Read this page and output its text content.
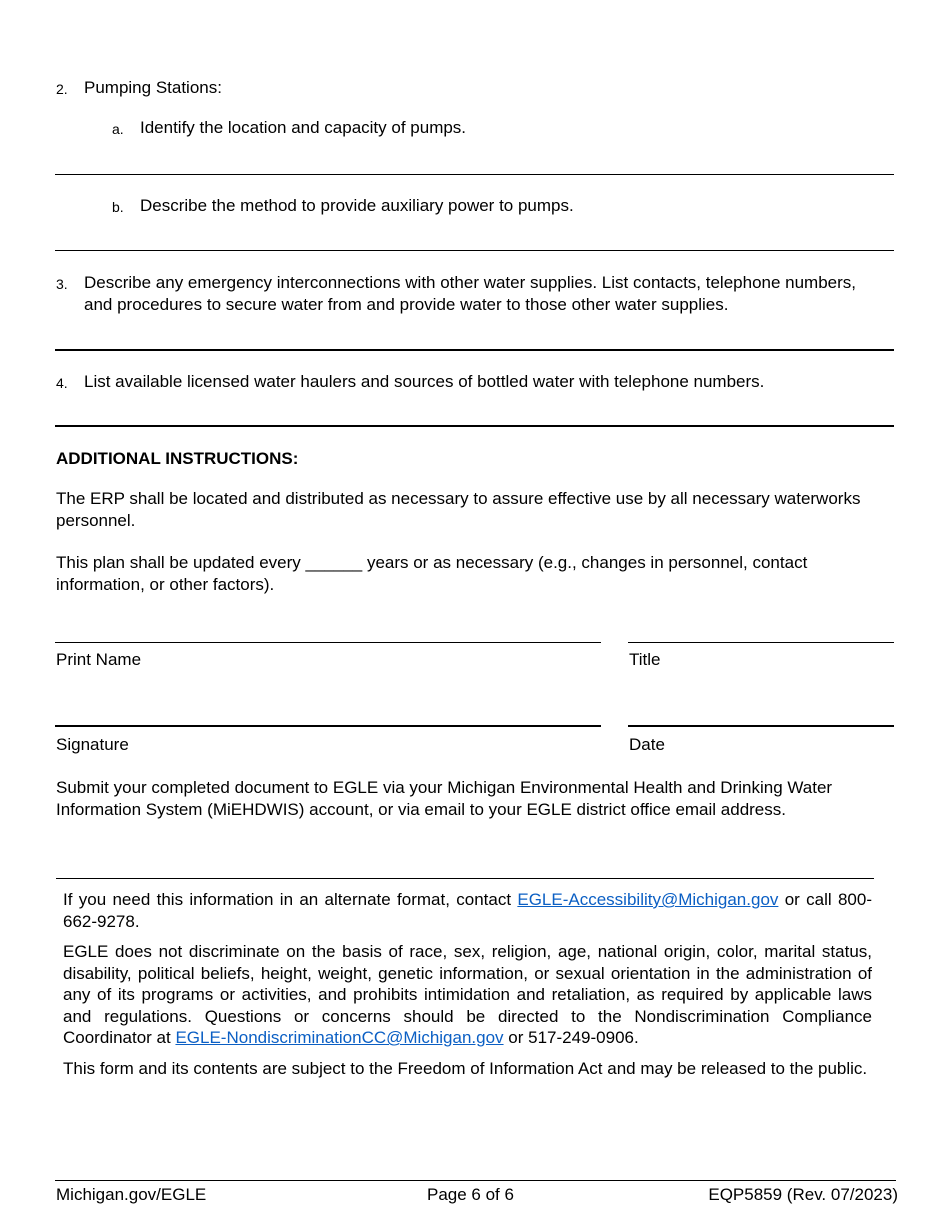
2. Pumping Stations:
a. Identify the location and capacity of pumps.
b. Describe the method to provide auxiliary power to pumps.
3. Describe any emergency interconnections with other water supplies. List contacts, telephone numbers, and procedures to secure water from and provide water to those other water supplies.
4. List available licensed water haulers and sources of bottled water with telephone numbers.
ADDITIONAL INSTRUCTIONS:
The ERP shall be located and distributed as necessary to assure effective use by all necessary waterworks personnel.
This plan shall be updated every ______ years or as necessary (e.g., changes in personnel, contact information, or other factors).
Print Name	Title
Signature	Date
Submit your completed document to EGLE via your Michigan Environmental Health and Drinking Water Information System (MiEHDWIS) account, or via email to your EGLE district office email address.

If you need this information in an alternate format, contact EGLE-Accessibility@Michigan.gov or call 800-662-9278.

EGLE does not discriminate on the basis of race, sex, religion, age, national origin, color, marital status, disability, political beliefs, height, weight, genetic information, or sexual orientation in the administration of any of its programs or activities, and prohibits intimidation and retaliation, as required by applicable laws and regulations. Questions or concerns should be directed to the Nondiscrimination Compliance Coordinator at EGLE-NondiscriminationCC@Michigan.gov or 517-249-0906.

This form and its contents are subject to the Freedom of Information Act and may be released to the public.

Michigan.gov/EGLE	Page 6 of 6	EQP5859 (Rev. 07/2023)
